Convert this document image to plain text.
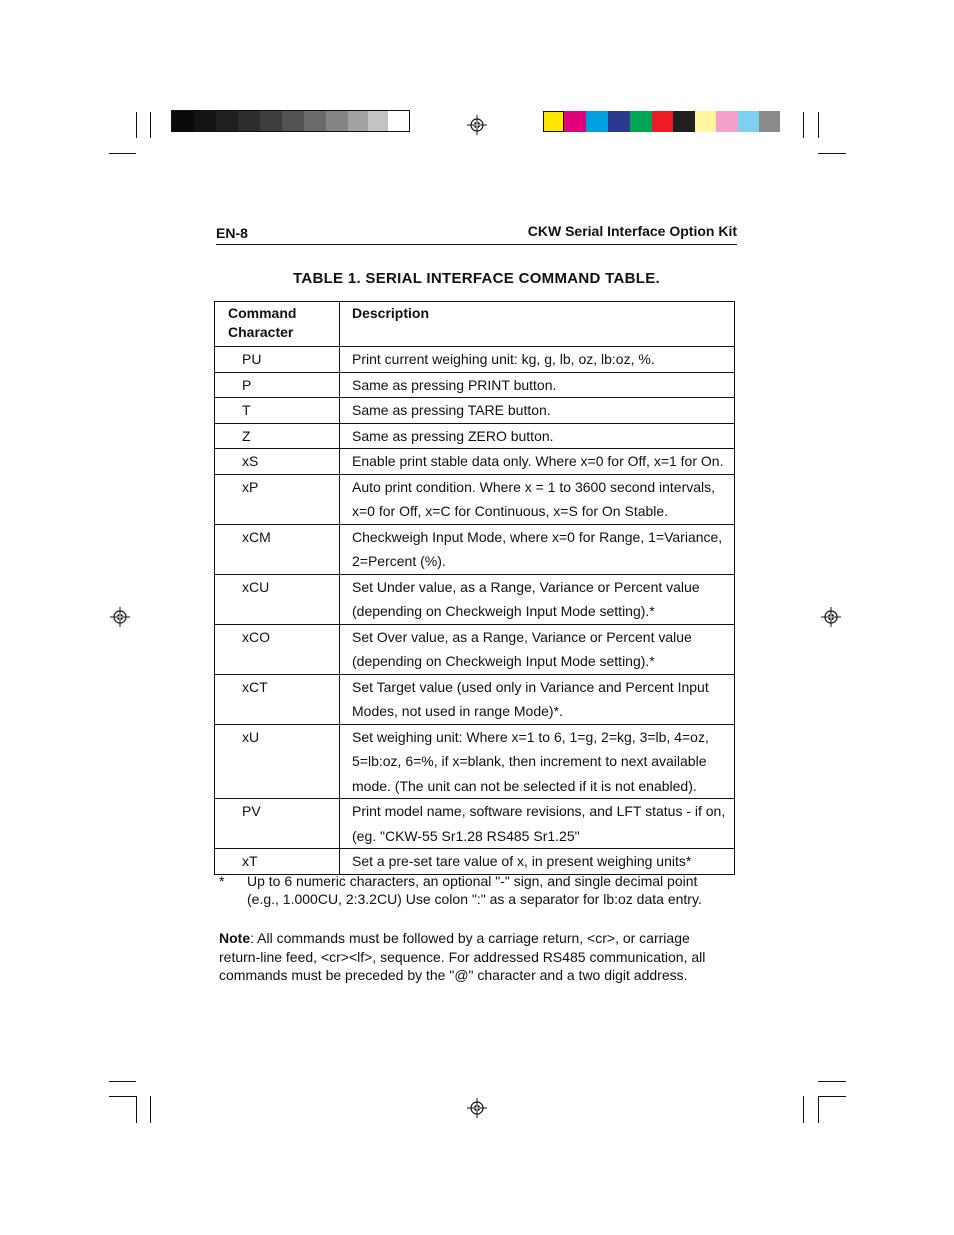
EN-8	CKW Serial Interface Option Kit
TABLE 1. SERIAL INTERFACE COMMAND TABLE.
Command Character	Description
PU	Print current weighing unit: kg, g, lb, oz, lb:oz, %.
P	Same as pressing PRINT button.
T	Same as pressing TARE button.
Z	Same as pressing ZERO button.
xS	Enable print stable data only. Where x=0 for Off, x=1 for On.
xP	Auto print condition. Where x = 1 to 3600 second intervals, x=0 for Off, x=C for Continuous, x=S for On Stable.
xCM	Checkweigh Input Mode, where x=0 for Range, 1=Variance, 2=Percent (%).
xCU	Set Under value, as a Range, Variance or Percent value (depending on Checkweigh Input Mode setting).*
xCO	Set Over value, as a Range, Variance or Percent value (depending on Checkweigh Input Mode setting).*
xCT	Set Target value (used only in Variance and Percent Input Modes, not used in range Mode)*.
xU	Set weighing unit: Where x=1 to 6, 1=g, 2=kg, 3=lb, 4=oz, 5=lb:oz, 6=%, if x=blank, then increment to next available mode. (The unit can not be selected if it is not enabled).
PV	Print model name, software revisions, and LFT status - if on, (eg. "CKW-55 Sr1.28 RS485 Sr1.25"
xT	Set a pre-set tare value of x, in present weighing units*
* Up to 6 numeric characters, an optional "-" sign, and single decimal point (e.g., 1.000CU, 2:3.2CU) Use colon ":" as a separator for lb:oz data entry.
Note: All commands must be followed by a carriage return, <cr>, or carriage return-line feed, <cr><lf>, sequence. For addressed RS485 communication, all commands must be preceded by the "@" character and a two digit address.
